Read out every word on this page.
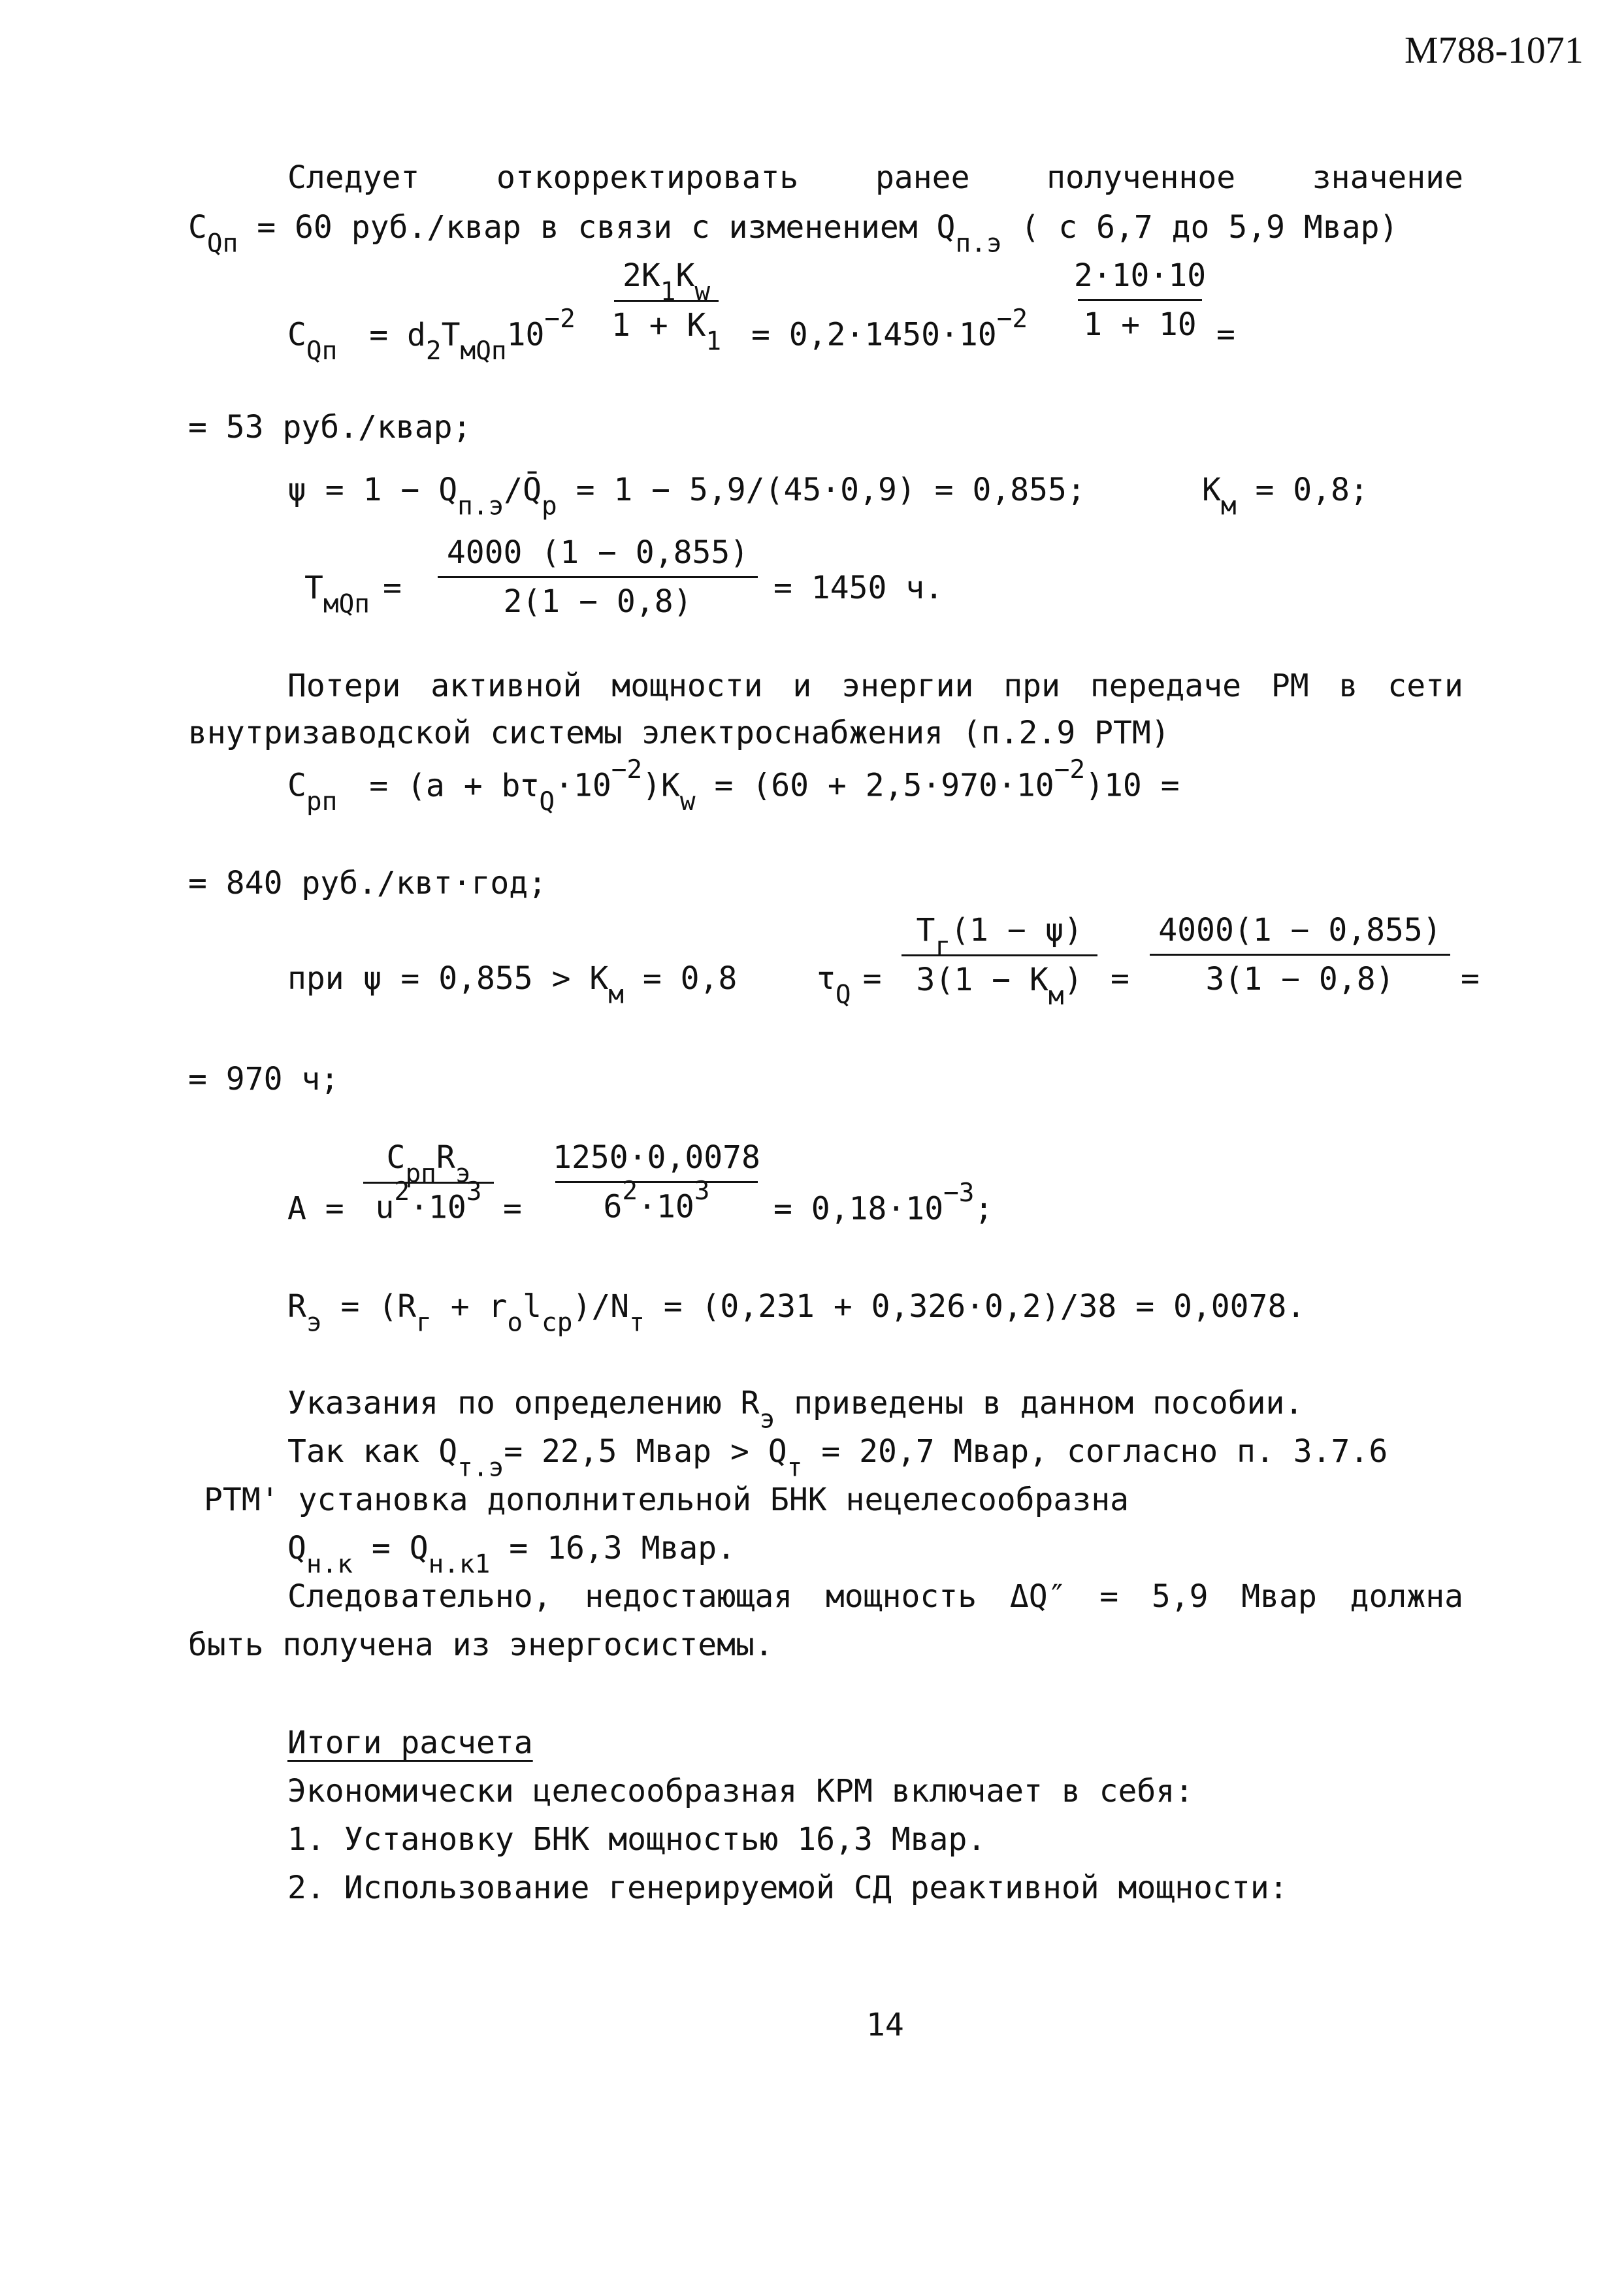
М788-1071
Следует откорректировать ранее полученное значение
$C_{Qп} = 60$ руб./квар в связи с изменением $Q_{п.э}$ ( с 6,7 до 5,9 Мвар)
$C_{Qп} = d_2T_{мQп}10^{-2}$
$2K_1K_w$
$1 + K_1 = 0,2\cdot 1450\cdot 10^{-2}$
2·10·10
1 + 10 =
= 53 руб./квар;
$\psi = 1 - Q_{п.э}/Q̄_р = 1 - 5,9/(45\cdot 0,9) = 0,855$;	$K_м = 0,8$;
$T_{мQп}$ =
4000 (1 − 0,855)
2(1 − 0,8)	= 1450 ч.
Потери активной мощности и энергии при передаче РМ в сети
внутризаводской системы электроснабжения (п.2.9 РТМ)
$C_{рп} = (a + b\tau_Q\cdot 10^{-2})K_w = (60 + 2,5\cdot 970\cdot 10^{-2})10$ =
= 840 руб./квт·год;
при $\psi = 0,855 > K_м = 0,8$	$\tau_Q$ =
$T_г(1 - \psi)$
$3(1 - K_м)$ =
4000(1 − 0,855)
3(1 − 0,8) =
= 970 ч;
A =
$C_{рп}R_э$
$u^2\cdot 10^3$ =
1250·0,0078
$6^2\cdot 10^3 = 0,18\cdot 10^{-3}$;
$R_э = (R_г + r_ol_{ср})/N_т = (0,231 + 0,326\cdot 0,2)/38 = 0,0078$.
Указания по определению $R_э$ приведены в данном пособии.
Так как $Q_{т.э}= 22,5$ Мвар > $Q_т = 20,7$ Мвар, согласно п. 3.7.6
РТМ' установка дополнительной БНК нецелесообразна
$Q_{н.к} = Q_{н.к1} = 16,3$ Мвар.
Следовательно, недостающая мощность ΔQ″ = 5,9 Мвар должна
быть получена из энергосистемы.
Итоги расчета
Экономически целесообразная КРМ включает в себя:
1. Установку БНК мощностью 16,3 Мвар.
2. Использование генерируемой СД реактивной мощности:
14
